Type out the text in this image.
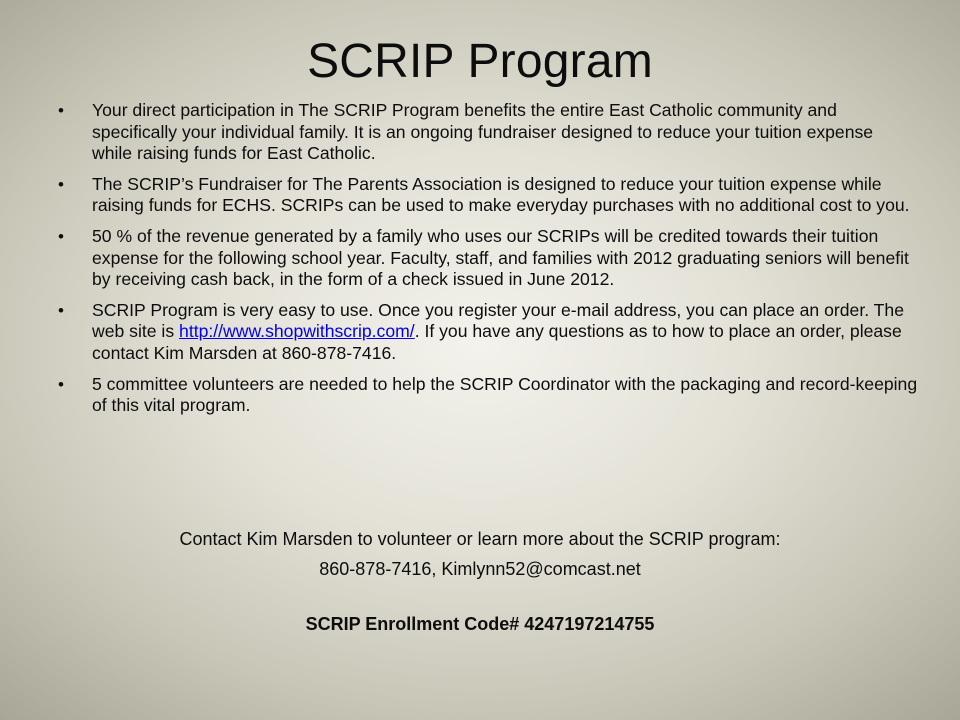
SCRIP Program
• Your direct participation in The SCRIP Program benefits the entire East Catholic community and specifically your individual family. It is an ongoing fundraiser designed to reduce your tuition expense while raising funds for East Catholic.
• The SCRIP’s Fundraiser for The Parents Association is designed to reduce your tuition expense while raising funds for ECHS. SCRIPs can be used to make everyday purchases with no additional cost to you.
• 50 % of the revenue generated by a family who uses our SCRIPs will be credited towards their tuition expense for the following school year. Faculty, staff, and families with 2012 graduating seniors will benefit by receiving cash back, in the form of a check issued in June 2012.
• SCRIP Program is very easy to use. Once you register your e-mail address, you can place an order. The web site is http://www.shopwithscrip.com/. If you have any questions as to how to place an order, please contact Kim Marsden at 860-878-7416.
• 5 committee volunteers are needed to help the SCRIP Coordinator with the packaging and record-keeping of this vital program.
Contact Kim Marsden to volunteer or learn more about the SCRIP program:
860-878-7416, Kimlynn52@comcast.net
SCRIP Enrollment Code# 4247197214755
